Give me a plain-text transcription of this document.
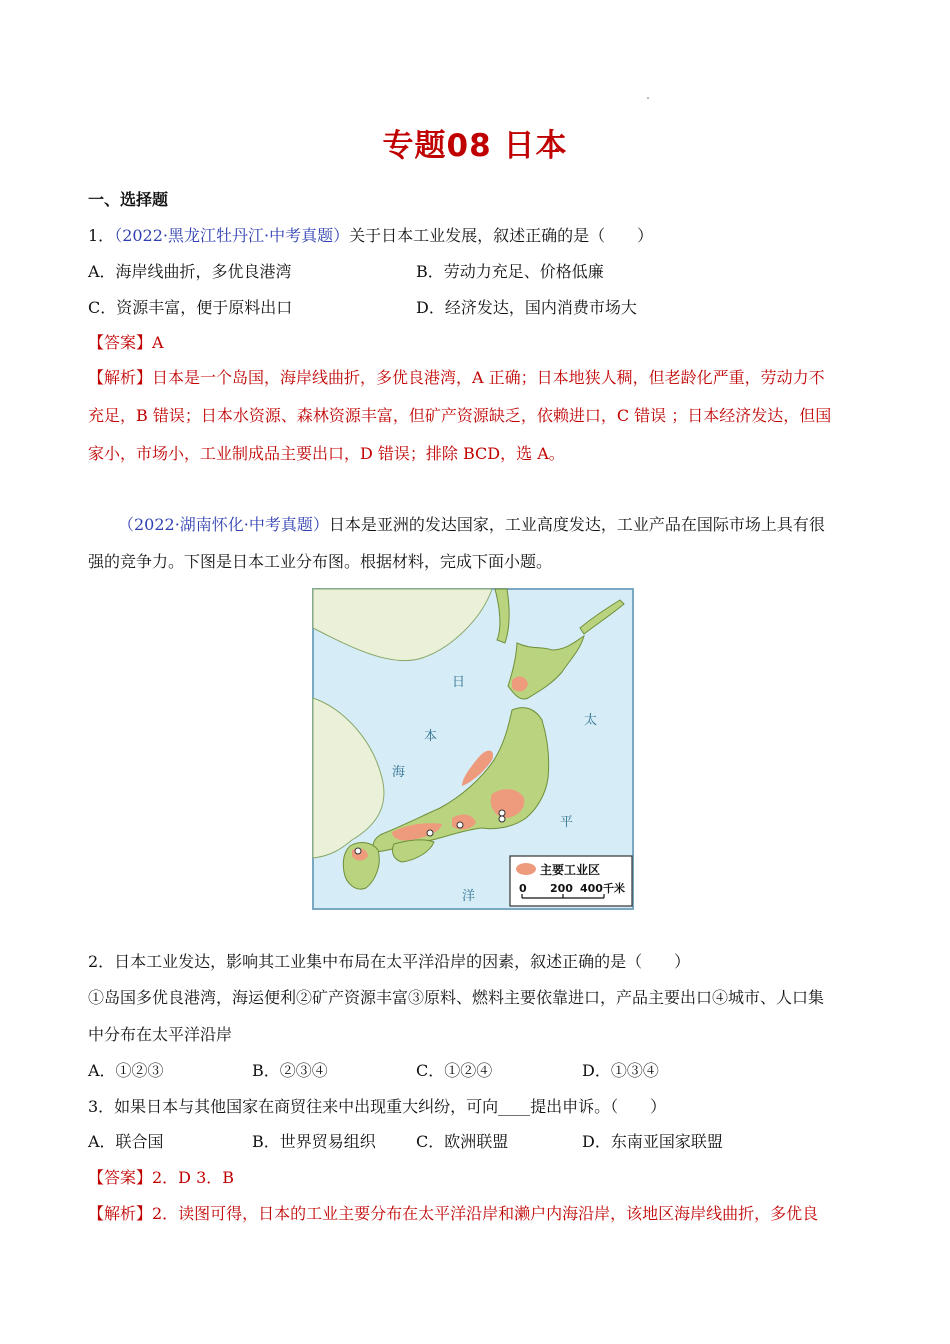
专题08 日本
一、选择题
1．（2022·黑龙江牡丹江·中考真题）关于日本工业发展，叙述正确的是（　　）
A．海岸线曲折，多优良港湾	B．劳动力充足、价格低廉
C．资源丰富，便于原料出口	D．经济发达，国内消费市场大
【答案】A
【解析】日本是一个岛国，海岸线曲折，多优良港湾，A 正确；日本地狭人稠，但老龄化严重，劳动力不
充足，B 错误；日本水资源、森林资源丰富，但矿产资源缺乏，依赖进口，C 错误 ；日本经济发达，但国
家小，市场小，工业制成品主要出口，D 错误；排除 BCD，选 A。
（2022·湖南怀化·中考真题）日本是亚洲的发达国家，工业高度发达，工业产品在国际市场上具有很
强的竞争力。下图是日本工业分布图。根据材料，完成下面小题。
日
本
海
太
平
洋
主要工业区
0 200 400千米
2．日本工业发达，影响其工业集中布局在太平洋沿岸的因素，叙述正确的是（　　）
①岛国多优良港湾，海运便利②矿产资源丰富③原料、燃料主要依靠进口，产品主要出口④城市、人口集
中分布在太平洋沿岸
A．①②③	B．②③④	C．①②④	D．①③④
3．如果日本与其他国家在商贸往来中出现重大纠纷，可向____提出申诉。（　　）
A．联合国	B．世界贸易组织	C．欧洲联盟	D．东南亚国家联盟
【答案】2．D 3．B
【解析】2．读图可得，日本的工业主要分布在太平洋沿岸和濑户内海沿岸，该地区海岸线曲折，多优良
